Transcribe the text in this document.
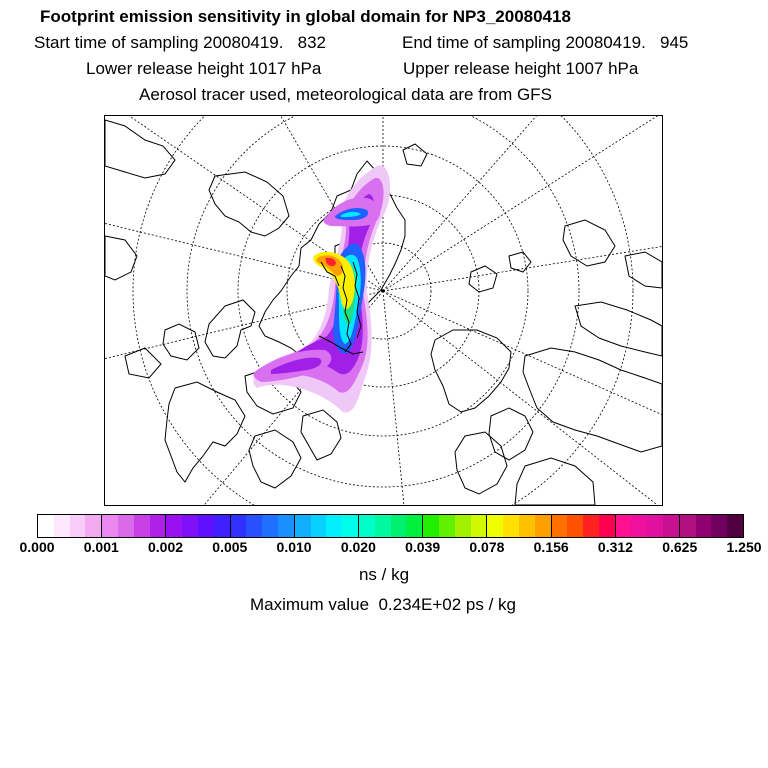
Footprint emission sensitivity in global domain for NP3_20080418
Start time of sampling 20080419.   832	End time of sampling 20080419.   945
Lower release height 1017 hPa	Upper release height 1007 hPa
Aerosol tracer used, meteorological data are from GFS
0.000 0.001 0.002 0.005 0.010 0.020 0.039 0.078 0.156 0.312 0.625 1.250
ns / kg
Maximum value  0.234E+02 ps / kg
